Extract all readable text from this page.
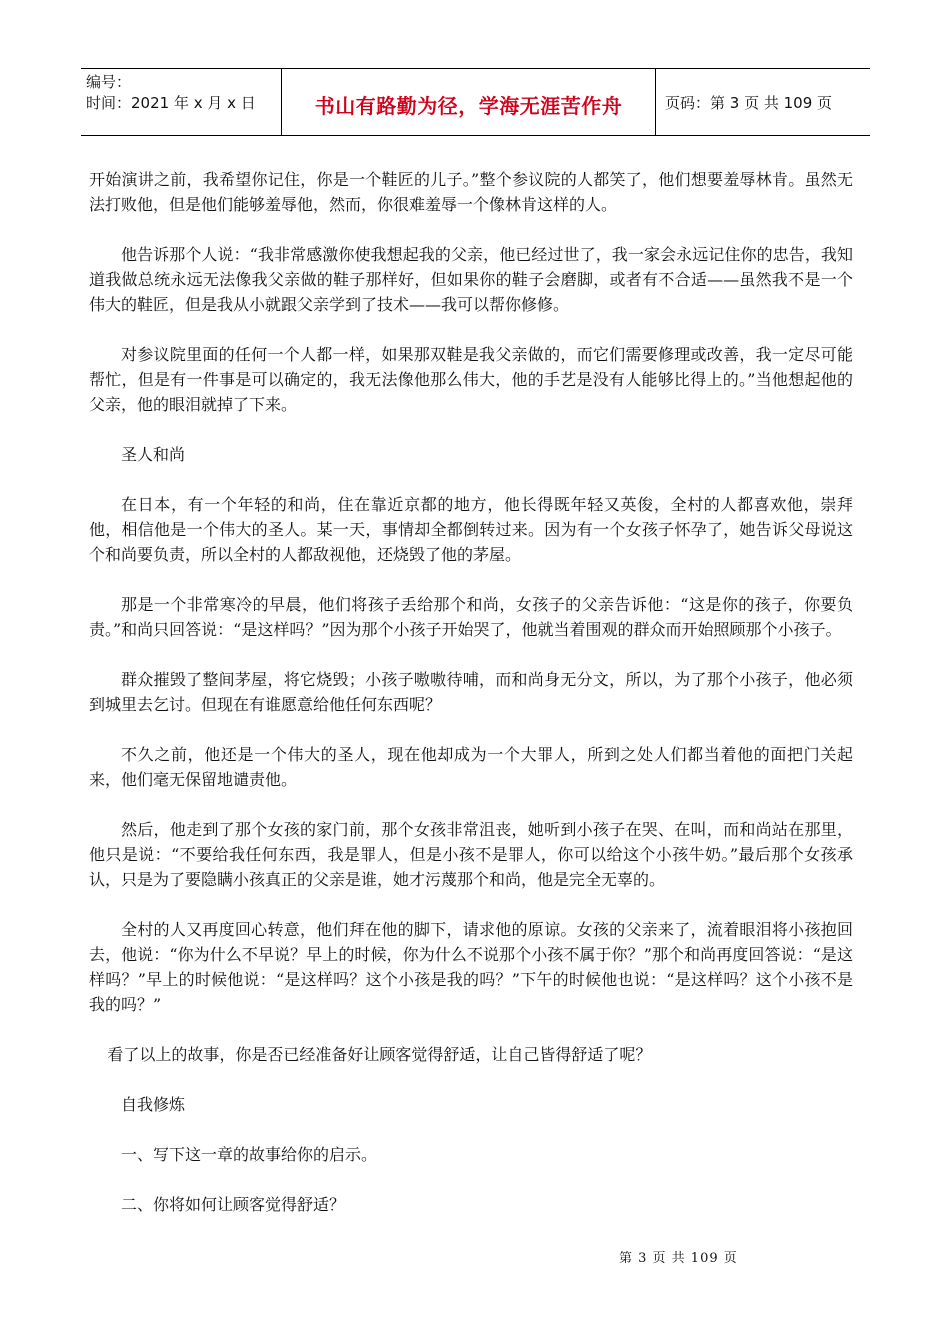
编号：
时间：2021 年 x 月 x 日	书山有路勤为径，学海无涯苦作舟	页码：第 3 页 共 109 页

开始演讲之前，我希望你记住，你是一个鞋匠的儿子。”整个参议院的人都笑了，他们想要羞辱林肯。虽然无法打败他，但是他们能够羞辱他，然而，你很难羞辱一个像林肯这样的人。

他告诉那个人说：“我非常感激你使我想起我的父亲，他已经过世了，我一家会永远记住你的忠告，我知道我做总统永远无法像我父亲做的鞋子那样好，但如果你的鞋子会磨脚，或者有不合适——虽然我不是一个伟大的鞋匠，但是我从小就跟父亲学到了技术——我可以帮你修修。

对参议院里面的任何一个人都一样，如果那双鞋是我父亲做的，而它们需要修理或改善，我一定尽可能帮忙，但是有一件事是可以确定的，我无法像他那么伟大，他的手艺是没有人能够比得上的。”当他想起他的父亲，他的眼泪就掉了下来。

圣人和尚

在日本，有一个年轻的和尚，住在靠近京都的地方，他长得既年轻又英俊，全村的人都喜欢他，崇拜他，相信他是一个伟大的圣人。某一天，事情却全都倒转过来。因为有一个女孩子怀孕了，她告诉父母说这个和尚要负责，所以全村的人都敌视他，还烧毁了他的茅屋。

那是一个非常寒冷的早晨，他们将孩子丢给那个和尚，女孩子的父亲告诉他：“这是你的孩子，你要负责。”和尚只回答说：“是这样吗？”因为那个小孩子开始哭了，他就当着围观的群众而开始照顾那个小孩子。

群众摧毁了整间茅屋，将它烧毁；小孩子嗷嗷待哺，而和尚身无分文，所以，为了那个小孩子，他必须到城里去乞讨。但现在有谁愿意给他任何东西呢？

不久之前，他还是一个伟大的圣人，现在他却成为一个大罪人，所到之处人们都当着他的面把门关起来，他们毫无保留地谴责他。

然后，他走到了那个女孩的家门前，那个女孩非常沮丧，她听到小孩子在哭、在叫，而和尚站在那里，他只是说：“不要给我任何东西，我是罪人，但是小孩不是罪人，你可以给这个小孩牛奶。”最后那个女孩承认，只是为了要隐瞒小孩真正的父亲是谁，她才污蔑那个和尚，他是完全无辜的。

全村的人又再度回心转意，他们拜在他的脚下，请求他的原谅。女孩的父亲来了，流着眼泪将小孩抱回去，他说：“你为什么不早说？早上的时候，你为什么不说那个小孩不属于你？”那个和尚再度回答说：“是这样吗？”早上的时候他说：“是这样吗？这个小孩是我的吗？”下午的时候他也说：“是这样吗？这个小孩不是我的吗？”

看了以上的故事，你是否已经准备好让顾客觉得舒适，让自己皆得舒适了呢？

自我修炼

一、写下这一章的故事给你的启示。

二、你将如何让顾客觉得舒适？

第 3 页 共 109 页
